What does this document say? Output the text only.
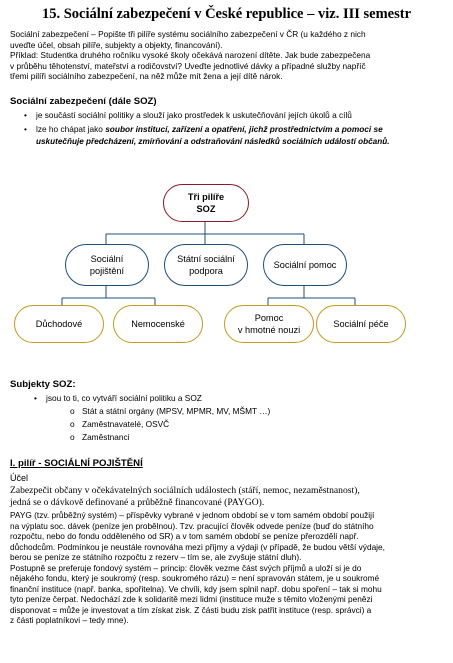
15. Sociální zabezpečení v České republice – viz. III semestr
Sociální zabezpečení – Popište tři pilíře systému sociálního zabezpečení v ČR (u každého z nich
uveďte účel, obsah pilíře, subjekty a objekty, financování).
Příklad: Studentka druhého ročníku vysoké školy očekává narození dítěte. Jak bude zabezpečena
v průběhu těhotenství, mateřství a rodičovství? Uveďte jednotlivé dávky a případné služby napříč
třemi pilíři sociálního zabezpečení, na něž může mít žena a její dítě nárok.
Sociální zabezpečení (dále SOZ)
• je součástí sociální politiky a slouží jako prostředek k uskutečňování jejích úkolů a cílů
• lze ho chápat jako soubor institucí, zařízení a opatření, jichž prostřednictvím a pomoci se
uskutečňuje předcházení, zmírňování a odstraňování následků sociálních událostí občanů.
Tři pilíře
SOZ
Sociální
pojištění
Státní sociální
podpora
Sociální pomoc
Důchodové	Nemocenské
Pomoc
v hmotné nouzi
Sociální péče
Subjekty SOZ:
• jsou to ti, co vytváří sociální politiku a SOZ
o Stát a státní orgány (MPSV, MPMR, MV, MŠMT …)
o Zaměstnavatelé, OSVČ
o Zaměstnanci
I. pilíř - SOCIÁLNÍ POJIŠTĚNÍ
Účel
Zabezpečit občany v očekávatelných sociálních událostech (stáří, nemoc, nezaměstnanost),
jedná se o dávkově definované a průběžně financované (PAYGO).
PAYG (tzv. průběžný systém) – příspěvky vybrané v jednom období se v tom samém období použijí
na výplatu soc. dávek (peníze jen probělnou). Tzv. pracující člověk odvede peníze (buď do státního
rozpočtu, nebo do fondu odděleného od SR) a v tom samém období se peníze přerozdělí např.
důchodcům. Podmínkou je neustále rovnováha mezi příjmy a výdaji (v případě, že budou větší výdaje,
berou se peníze ze státního rozpočtu z rezerv – tím se, ale zvyšuje státní dluh).
Postupně se preferuje fondový systém – princip: člověk vezme část svých příjmů a uloží si je do
nějakého fondu, který je soukromý (resp. soukromého rázu) = není spravován státem, je u soukromé
finanční instituce (např. banka, spořitelna). Ve chvíli, kdy jsem splnil např. dobu spoření – tak si mohu
tyto peníze čerpat. Nedochází zde k solidaritě mezi lidmi (instituce muže s těmito vloženými penězi
disponovat = může je investovat a tím získat zisk. Z části budu zisk patřit instituce (resp. správci) a
z části poplatníkovi – tedy mne).
